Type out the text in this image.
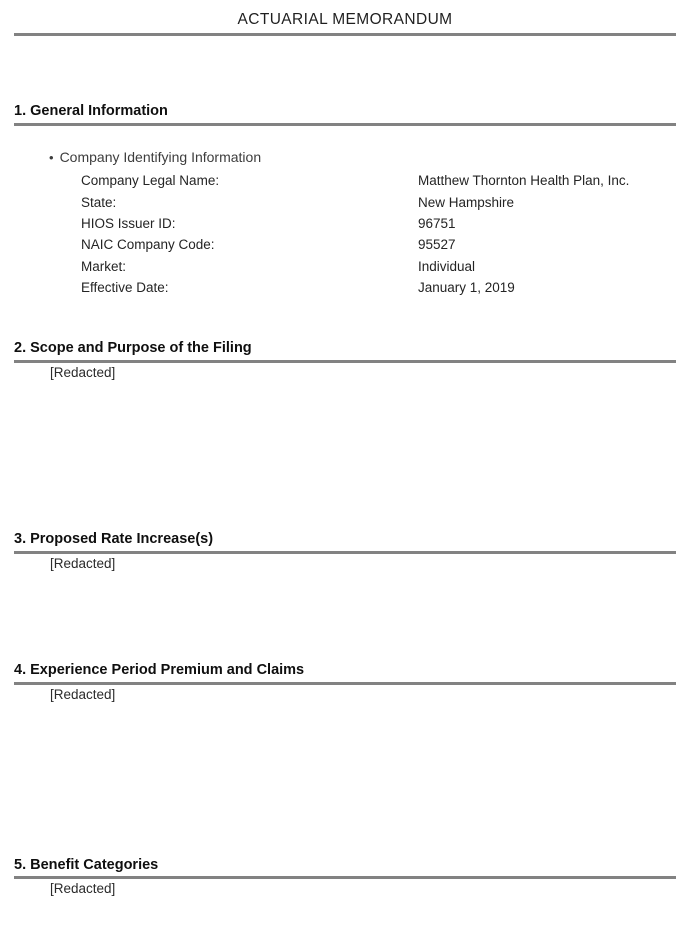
ACTUARIAL MEMORANDUM
1. General Information
• Company Identifying Information
Company Legal Name:	Matthew Thornton Health Plan, Inc.
State:	New Hampshire
HIOS Issuer ID:	96751
NAIC Company Code:	95527
Market:	Individual
Effective Date:	January 1, 2019
2. Scope and Purpose of the Filing
[Redacted]
3. Proposed Rate Increase(s)
[Redacted]
4. Experience Period Premium and Claims
[Redacted]
5. Benefit Categories
[Redacted]
